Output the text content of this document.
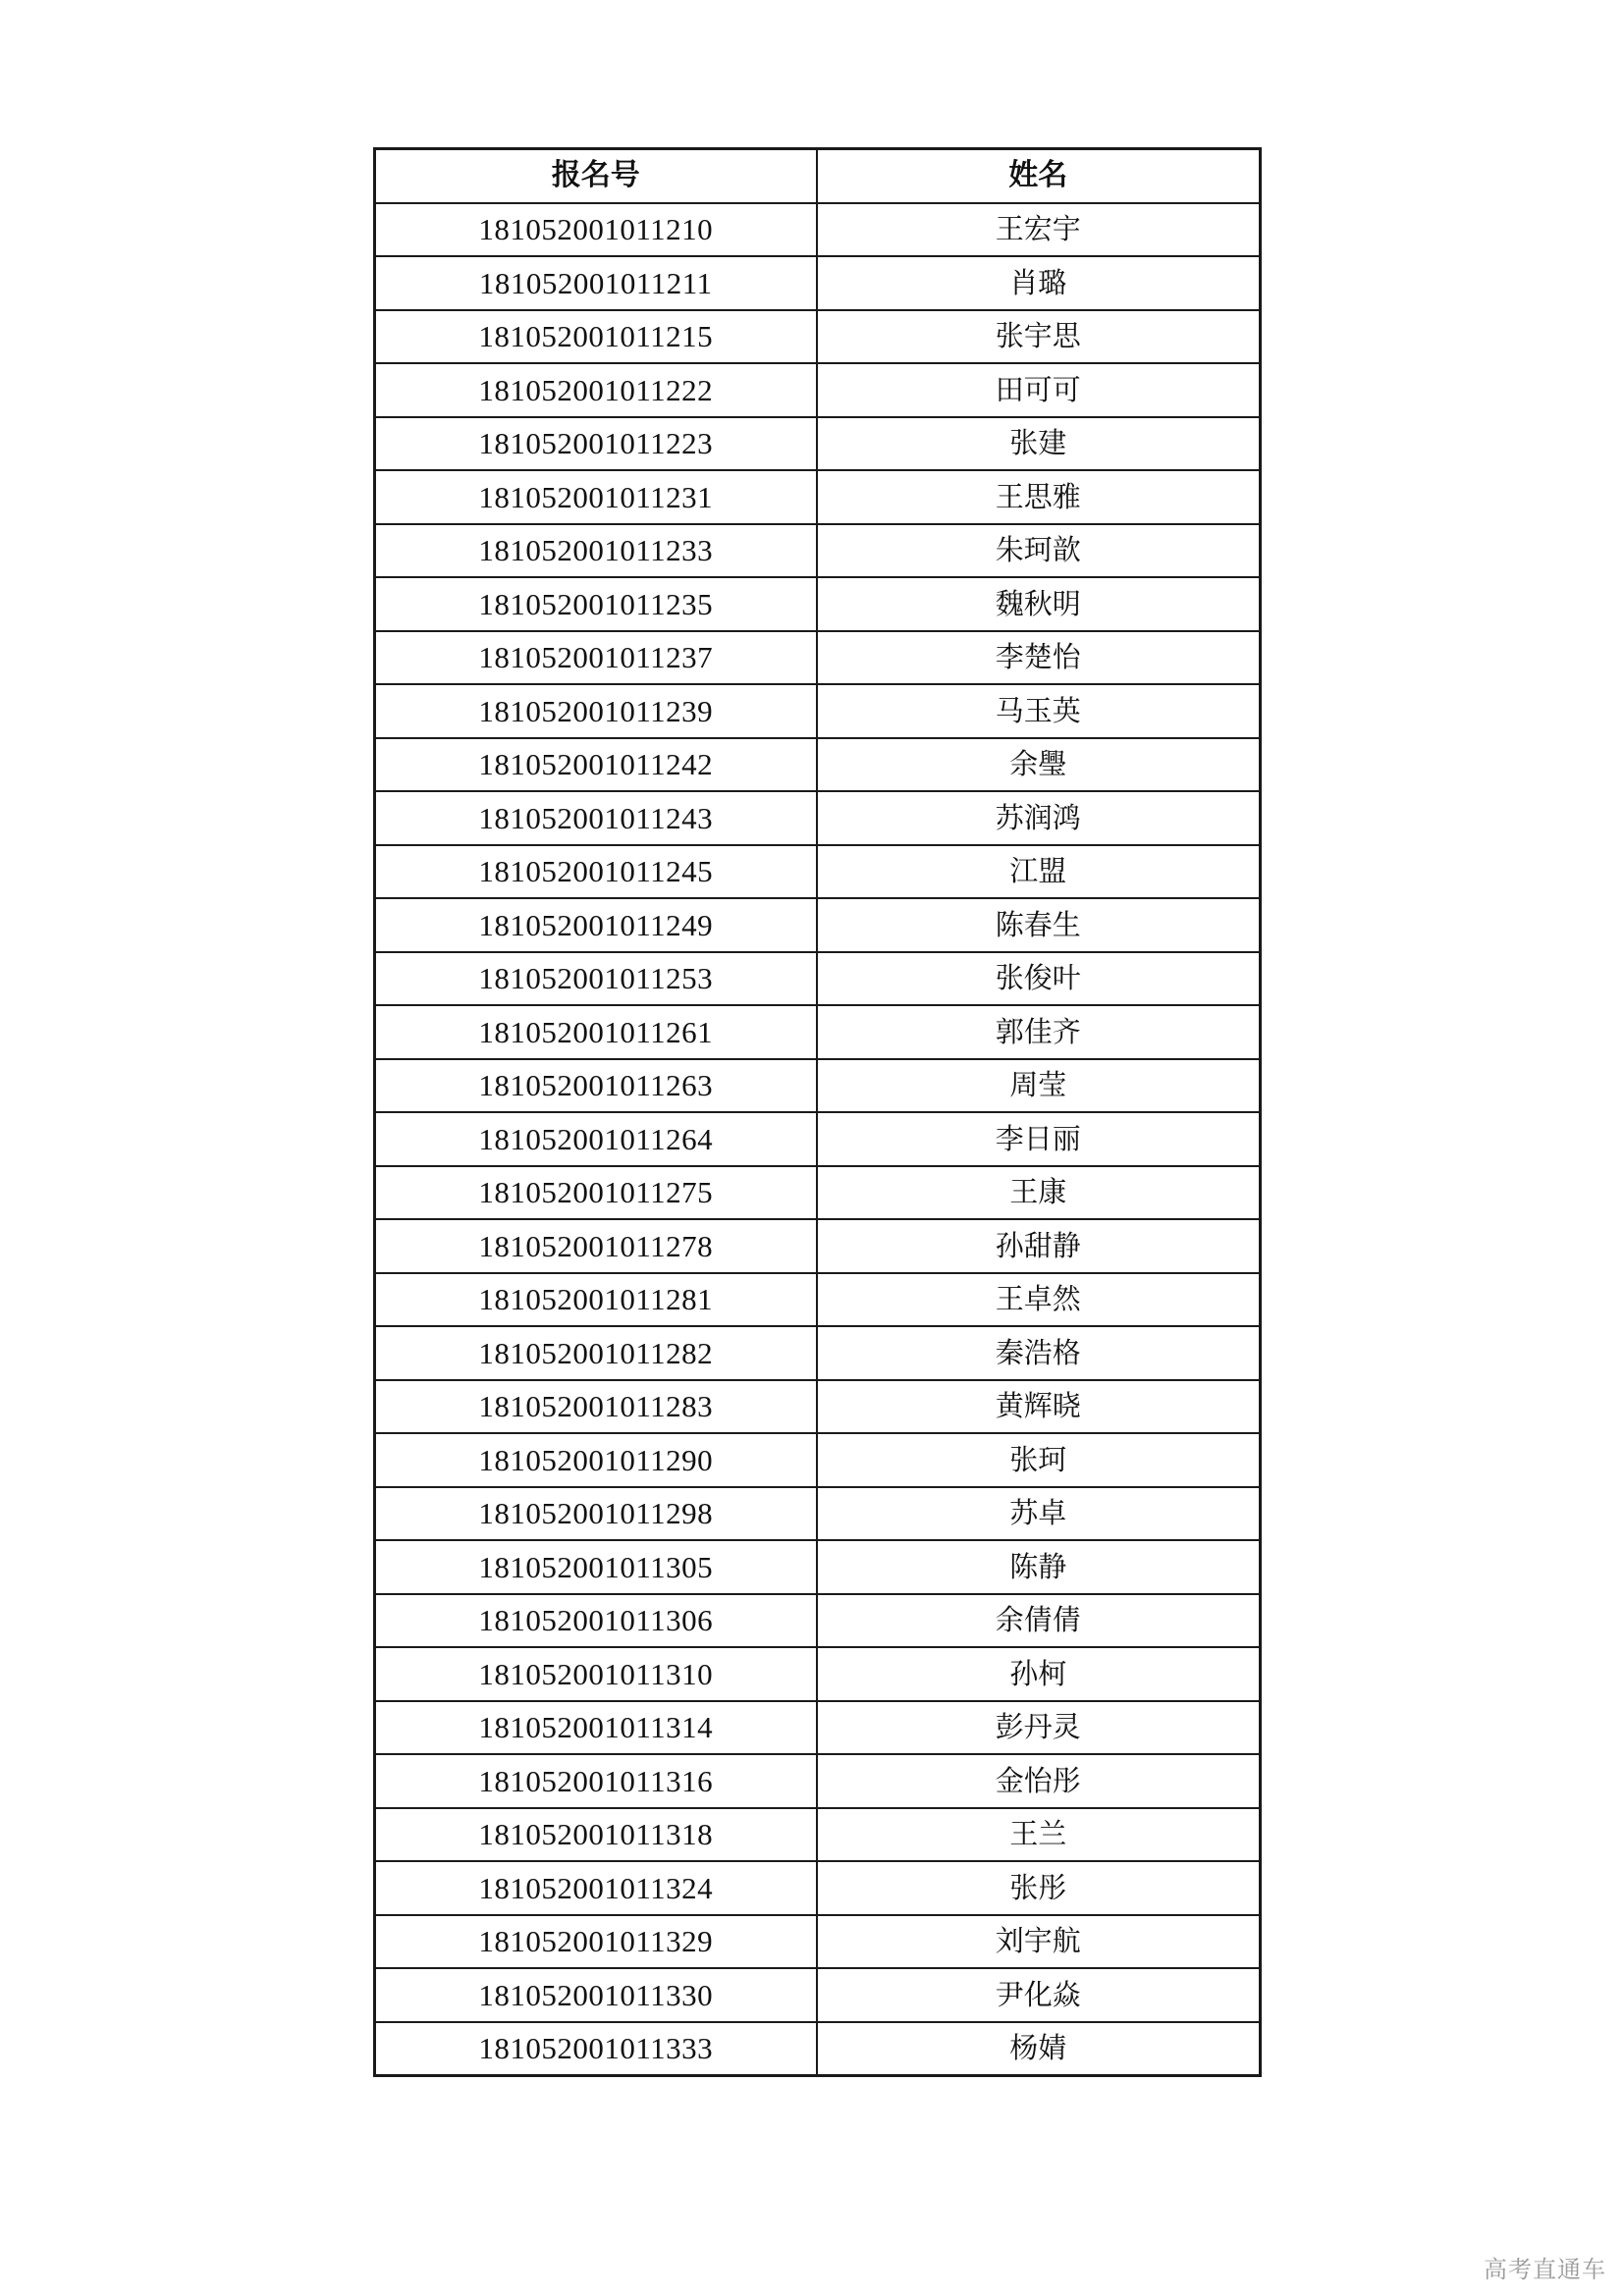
报名号	姓名
181052001011210	王宏宇
181052001011211	肖璐
181052001011215	张宇思
181052001011222	田可可
181052001011223	张建
181052001011231	王思雅
181052001011233	朱珂歆
181052001011235	魏秋明
181052001011237	李楚怡
181052001011239	马玉英
181052001011242	余璺
181052001011243	苏润鸿
181052001011245	江盟
181052001011249	陈春生
181052001011253	张俊叶
181052001011261	郭佳齐
181052001011263	周莹
181052001011264	李日丽
181052001011275	王康
181052001011278	孙甜静
181052001011281	王卓然
181052001011282	秦浩格
181052001011283	黄辉晓
181052001011290	张珂
181052001011298	苏卓
181052001011305	陈静
181052001011306	余倩倩
181052001011310	孙柯
181052001011314	彭丹灵
181052001011316	金怡彤
181052001011318	王兰
181052001011324	张彤
181052001011329	刘宇航
181052001011330	尹化焱
181052001011333	杨婧
高考直通车
